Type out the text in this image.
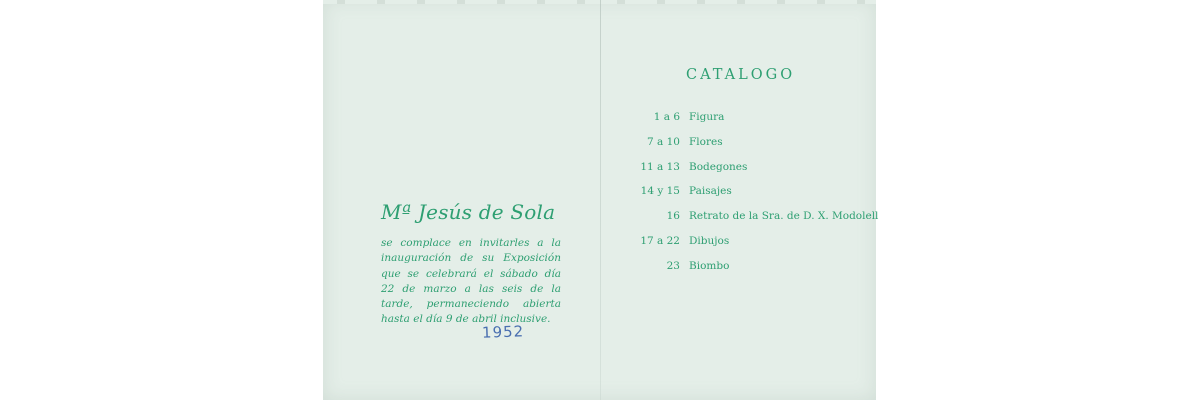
Mª Jesús de Sola
se complace en invitarles a la
inauguración de su Exposición
que se celebrará el sábado día
22 de marzo a las seis de la
tarde, permaneciendo abierta
hasta el día 9 de abril inclusive.
1952
CATALOGO
1 a 6 Figura
7 a 10 Flores
11 a 13 Bodegones
14 y 15 Paisajes
16 Retrato de la Sra. de D. X. Modolell
17 a 22 Dibujos
23 Biombo
